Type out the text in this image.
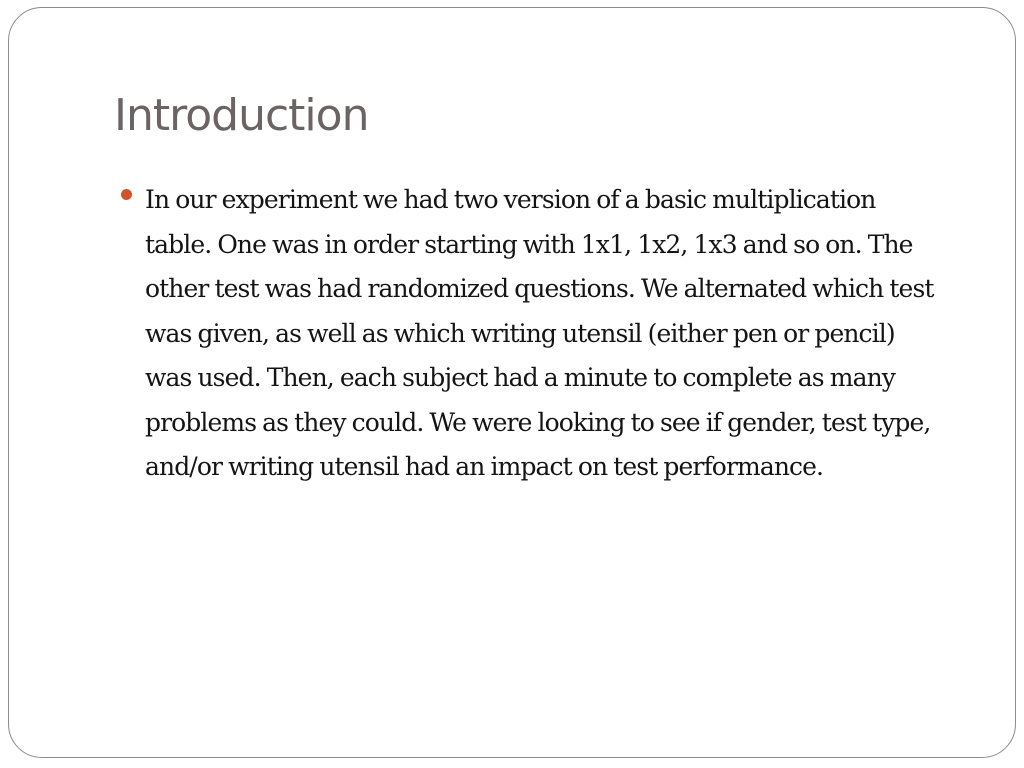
Introduction
In our experiment we had two version of a basic multiplication table. One was in order starting with 1x1, 1x2, 1x3 and so on. The other test was had randomized questions. We alternated which test was given, as well as which writing utensil (either pen or pencil) was used. Then, each subject had a minute to complete as many problems as they could. We were looking to see if gender, test type, and/or writing utensil had an impact on test performance.
